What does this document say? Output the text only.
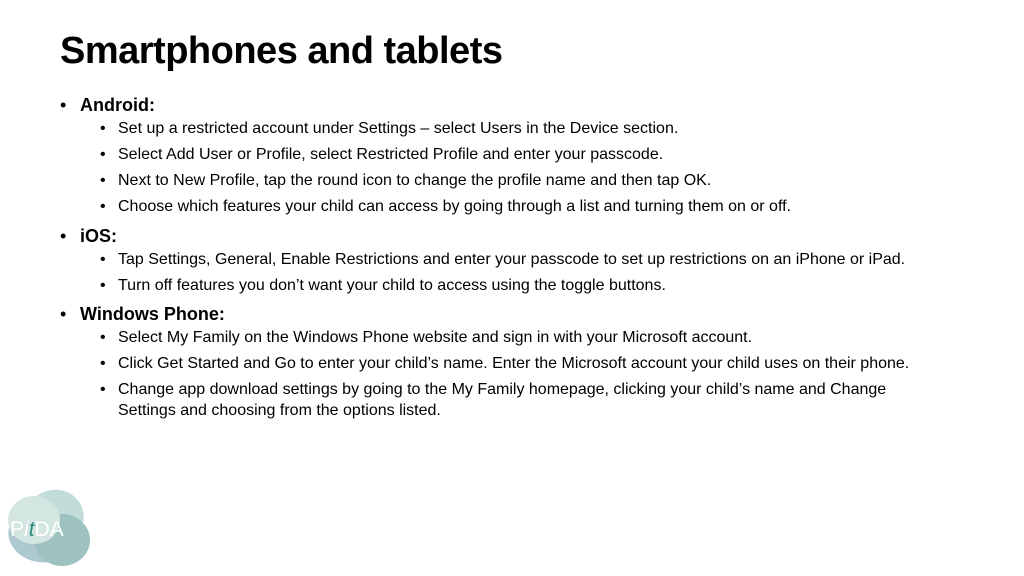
Smartphones and tablets
• Android:
• Set up a restricted account under Settings – select Users in the Device section.
• Select Add User or Profile, select Restricted Profile and enter your passcode.
• Next to New Profile, tap the round icon to change the profile name and then tap OK.
• Choose which features your child can access by going through a list and turning them on or off.
• iOS:
• Tap Settings, General, Enable Restrictions and enter your passcode to set up restrictions on an iPhone or iPad.
• Turn off features you don’t want your child to access using the toggle buttons.
• Windows Phone:
• Select My Family on the Windows Phone website and sign in with your Microsoft account.
• Click Get Started and Go to enter your child’s name. Enter the Microsoft account your child uses on their phone.
• Change app download settings by going to the My Family homepage, clicking your child’s name and Change Settings and choosing from the options listed.
PitDA
